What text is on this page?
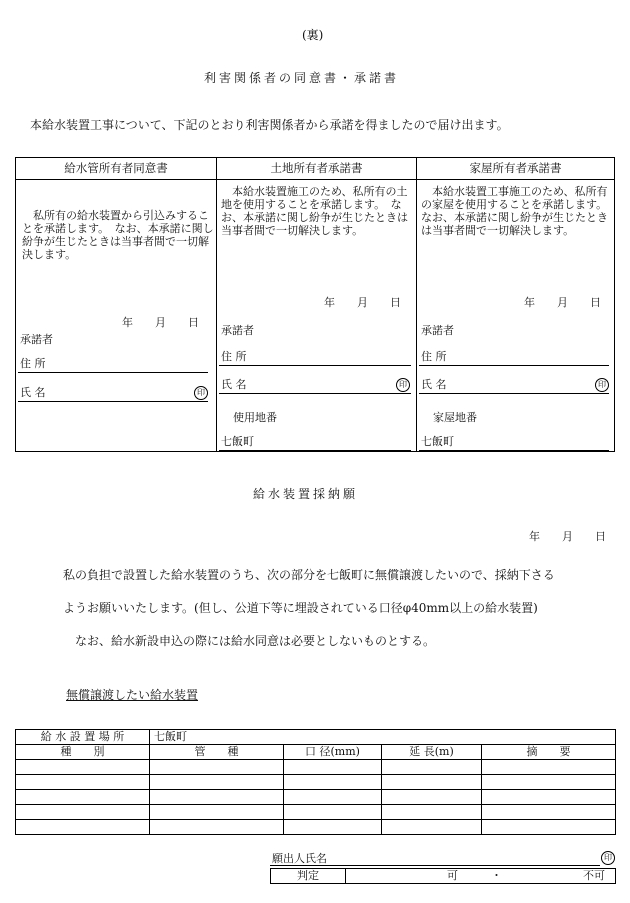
(裏)
利害関係者の同意書・承諾書
本給水装置工事について、下記のとおり利害関係者から承諾を得ましたので届け出ます。
給水管所有者同意書
私所有の給水装置から引込みすることを承諾します。　なお、本承諾に関し紛争が生じたときは当事者間で一切解決します。
年　　月　　日
承諾者
住 所
氏 名	印
土地所有者承諾書
本給水装置施工のため、私所有の土地を使用することを承諾します。　なお、本承諾に関し紛争が生じたときは当事者間で一切解決します。
年　　月　　日
承諾者
住 所
氏 名	印
使用地番
七飯町
家屋所有者承諾書
本給水装置工事施工のため、私所有の家屋を使用することを承諾します。　なお、本承諾に関し紛争が生じたときは当事者間で一切解決します。
年　　月　　日
承諾者
住 所
氏 名	印
家屋地番
七飯町
給水装置採納願
年　　月　　日
私の負担で設置した給水装置のうち、次の部分を七飯町に無償譲渡したいので、採納下さる
ようお願いいたします。(但し、公道下等に埋設されている口径φ40mm以上の給水装置)
なお、給水新設申込の際には給水同意は必要としないものとする。
無償譲渡したい給水装置
給 水 設 置 場 所	七飯町			
種　　別	管　　種	口 径(mm)	延 長(m)	摘　　要

願出人氏名	印
判定	可	・	不可
